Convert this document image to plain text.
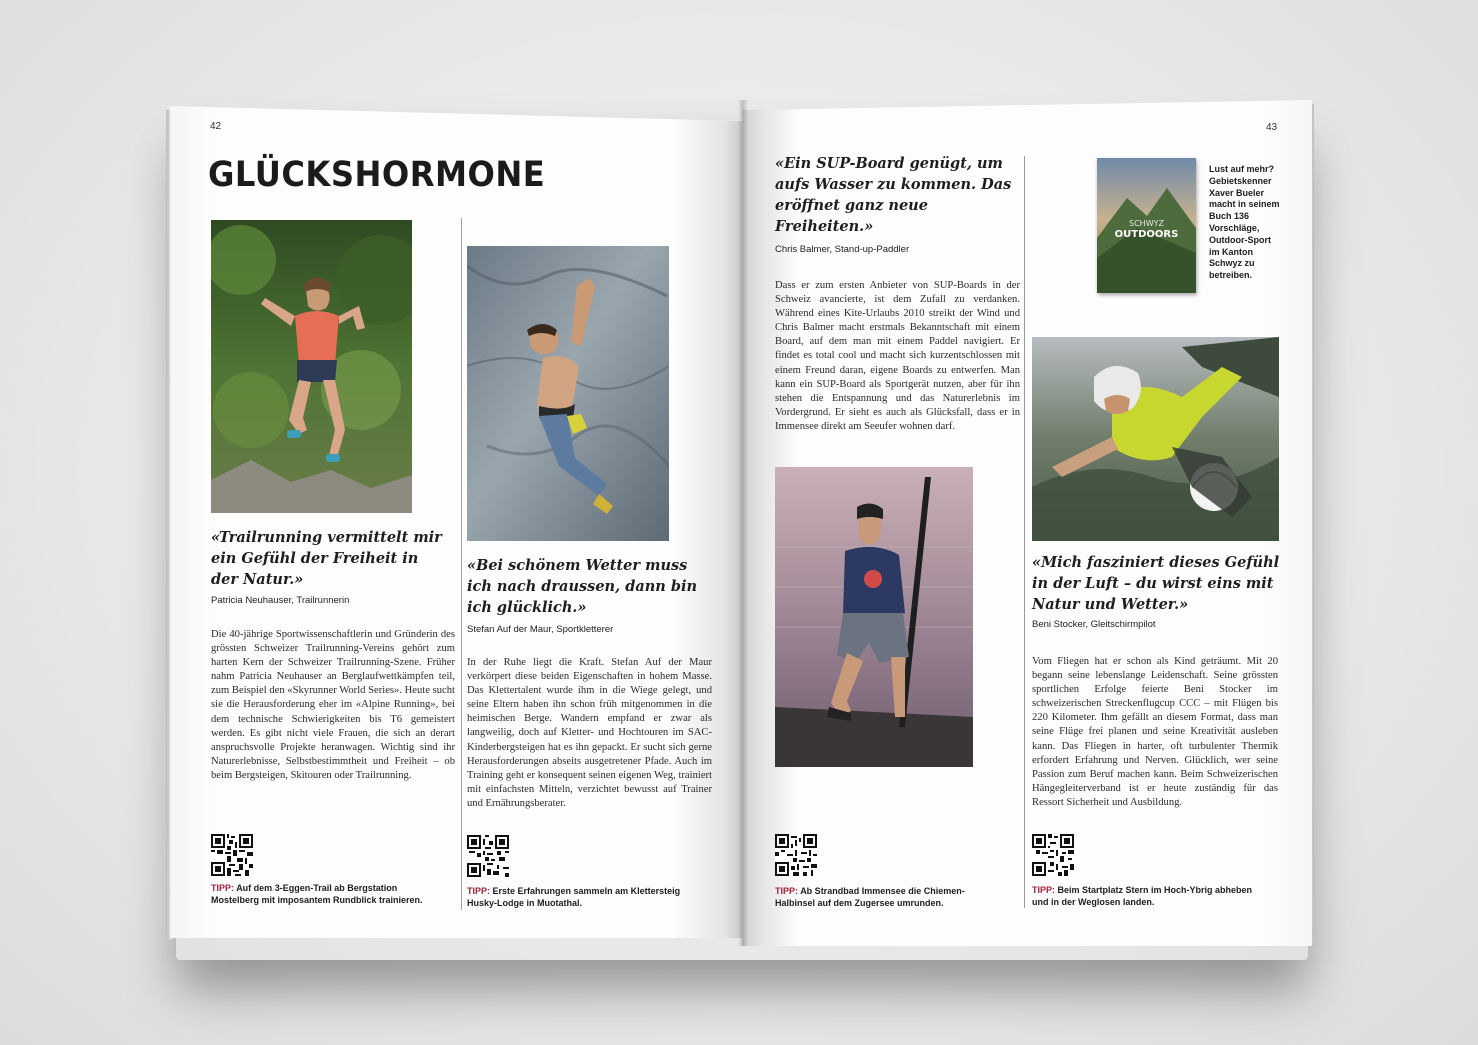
42
GLÜCKSHORMONE
«Trailrunning vermittelt mir ein Gefühl der Freiheit in der Natur.»
Patricia Neuhauser, Trailrunnerin
Die 40-jährige Sportwissenschaftlerin und Gründerin des grössten Schweizer Trailrunning-Vereins gehört zum harten Kern der Schweizer Trailrunning-Szene. Früher nahm Patricia Neuhauser an Berglaufwettkämpfen teil, zum Beispiel den «Skyrunner World Series». Heute sucht sie die Herausforderung eher im «Alpine Running», bei dem technische Schwierigkeiten bis T6 gemeistert werden. Es gibt nicht viele Frauen, die sich an derart anspruchsvolle Projekte heranwagen. Wichtig sind ihr Naturerlebnisse, Selbstbestimmtheit und Freiheit – ob beim Bergsteigen, Skitouren oder Trailrunning.
TIPP: Auf dem 3-Eggen-Trail ab Bergstation Mostelberg mit imposantem Rundblick trainieren.
«Bei schönem Wetter muss ich nach draussen, dann bin ich glücklich.»
Stefan Auf der Maur, Sportkletterer
In der Ruhe liegt die Kraft. Stefan Auf der Maur verkörpert diese beiden Eigenschaften in hohem Masse. Das Klettertalent wurde ihm in die Wiege gelegt, und seine Eltern haben ihn schon früh mitgenommen in die heimischen Berge. Wandern empfand er zwar als langweilig, doch auf Kletter- und Hochtouren im SAC-Kinderbergsteigen hat es ihn gepackt. Er sucht sich gerne Herausforderungen abseits ausgetretener Pfade. Auch im Training geht er konsequent seinen eigenen Weg, trainiert mit einfachsten Mitteln, verzichtet bewusst auf Trainer und Ernährungsberater.
TIPP: Erste Erfahrungen sammeln am Klettersteig Husky-Lodge in Muotathal.
43
«Ein SUP-Board genügt, um aufs Wasser zu kommen. Das eröffnet ganz neue Freiheiten.»
Chris Balmer, Stand-up-Paddler
Dass er zum ersten Anbieter von SUP-Boards in der Schweiz avancierte, ist dem Zufall zu verdanken. Während eines Kite-Urlaubs 2010 streikt der Wind und Chris Balmer macht erstmals Bekanntschaft mit einem Board, auf dem man mit einem Paddel navigiert. Er findet es total cool und macht sich kurzentschlossen mit einem Freund daran, eigene Boards zu entwerfen. Man kann ein SUP-Board als Sportgerät nutzen, aber für ihn stehen die Entspannung und das Naturerlebnis im Vordergrund. Er sieht es auch als Glücksfall, dass er in Immensee direkt am Seeufer wohnen darf.
TIPP: Ab Strandbad Immensee die Chiemen-Halbinsel auf dem Zugersee umrunden.
SCHWYZ
OUTDOORS
Lust auf mehr? Gebietskenner Xaver Bueler macht in seinem Buch 136 Vorschläge, Outdoor-Sport im Kanton Schwyz zu betreiben.
«Mich fasziniert dieses Gefühl in der Luft – du wirst eins mit Natur und Wetter.»
Beni Stocker, Gleitschirmpilot
Vom Fliegen hat er schon als Kind geträumt. Mit 20 begann seine lebenslange Leidenschaft. Seine grössten sportlichen Erfolge feierte Beni Stocker im schweizerischen Streckenflugcup CCC – mit Flügen bis 220 Kilometer. Ihm gefällt an diesem Format, dass man seine Flüge frei planen und seine Kreativität ausleben kann. Das Fliegen in harter, oft turbulenter Thermik erfordert Erfahrung und Nerven. Glücklich, wer seine Passion zum Beruf machen kann. Beim Schweizerischen Hängegleiterverband ist er heute zuständig für das Ressort Sicherheit und Ausbildung.
TIPP: Beim Startplatz Stern im Hoch-Ybrig abheben und in der Weglosen landen.
